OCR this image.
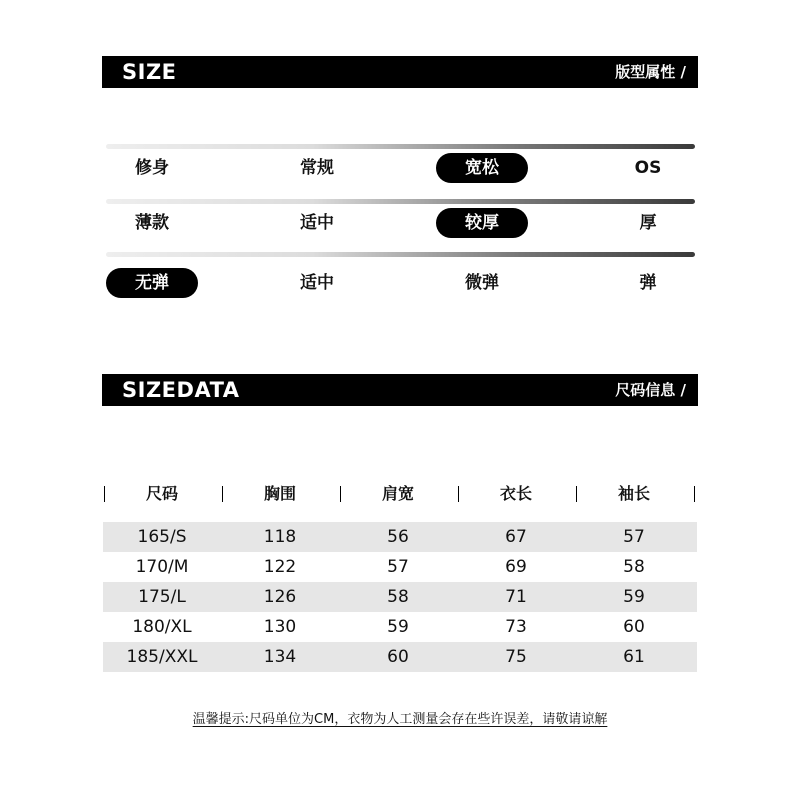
SIZE	版型属性 /
修身	常规	宽松	OS
薄款	适中	较厚	厚
无弹	适中	微弹	弹
SIZEDATA	尺码信息 /
尺码	胸围	肩宽	衣长	袖长
165/S	118	56	67	57
170/M	122	57	69	58
175/L	126	58	71	59
180/XL	130	59	73	60
185/XXL	134	60	75	61
温馨提示:尺码单位为CM，衣物为人工测量会存在些许误差，请敬请谅解
